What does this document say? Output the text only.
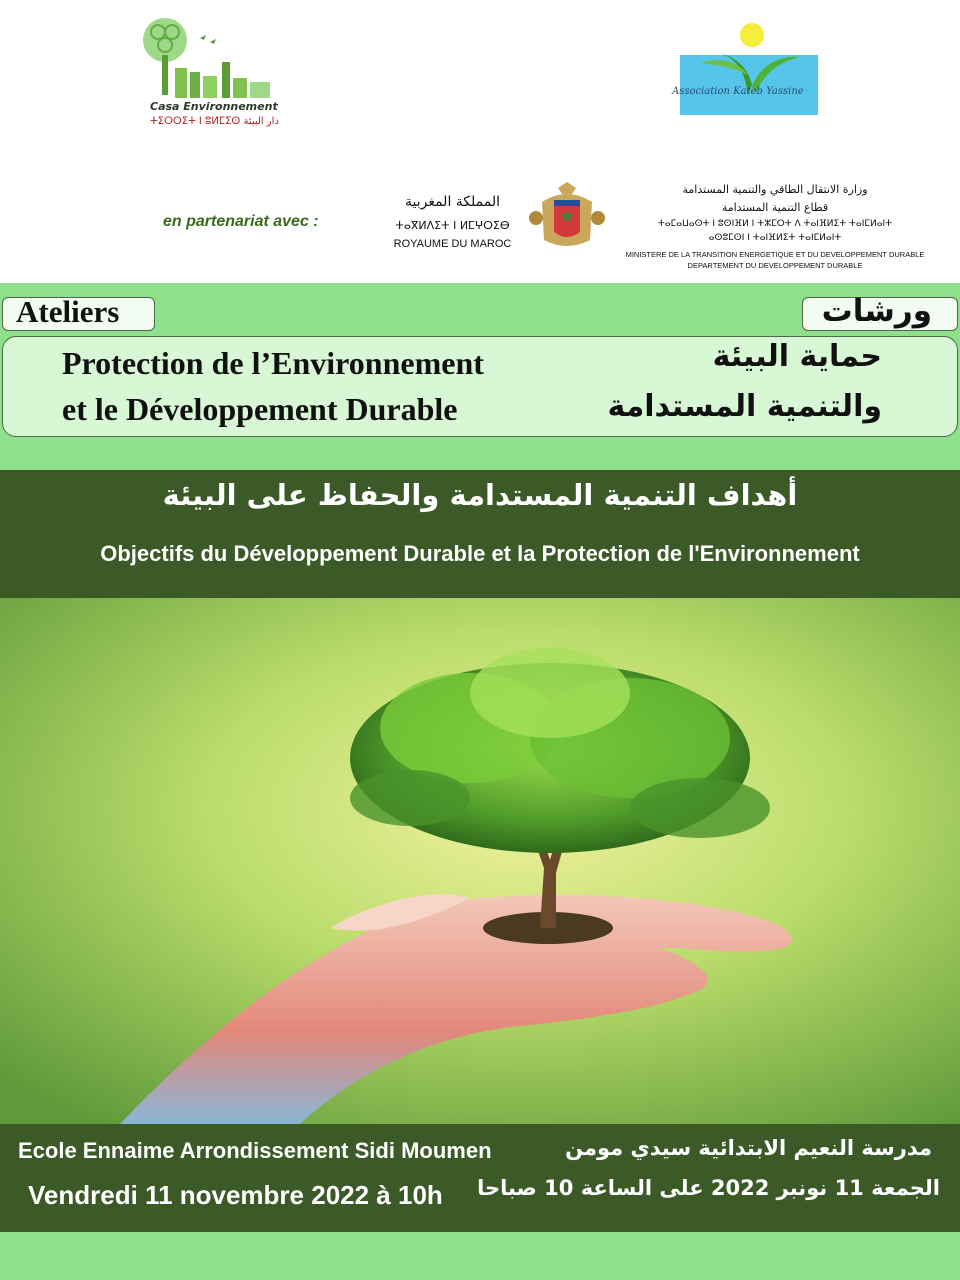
Casa Environnement
ⵜⵉⵔⵔⵉⵜ ⵏ ⵓⵍⵎⵉⵙ دار البيئة
Association Kateb Yassine
en partenariat avec :
المملكة المغربية
ⵜⴰⴳⵍⴷⵉⵜ ⵏ ⵍⵎⵖⵔⵉⴱ
ROYAUME DU MAROC
وزارة الانتقال الطاقي والتنمية المستدامة
قطاع التنمية المستدامة
ⵜⴰⵎⴰⵡⴰⵙⵜ ⵏ ⵓⵙⵏⴼⵍ ⵏ ⵜⵣⵎⵔⵜ ⴷ ⵜⴰⵏⴼⵍⵉⵜ ⵜⴰⵏⵎⵍⴰⵏⵜ
ⴰⵙⵓⵎⵙⵏ ⵏ ⵜⴰⵏⴼⵍⵉⵜ ⵜⴰⵏⵎⵍⴰⵏⵜ
MINISTERE DE LA TRANSITION ENERGETIQUE ET DU DEVELOPPEMENT DURABLE
DEPARTEMENT DU DEVELOPPEMENT DURABLE
Ateliers	ورشات
Protection de l’Environnement
et le Développement Durable
حماية البيئة
والتنمية المستدامة
أهداف التنمية المستدامة والحفاظ على البيئة
Objectifs du Développement Durable et la Protection de l'Environnement
Ecole Ennaime Arrondissement Sidi Moumen
Vendredi 11 novembre 2022 à 10h
مدرسة النعيم الابتدائية سيدي مومن
الجمعة 11 نونبر 2022 على الساعة 10 صباحا
